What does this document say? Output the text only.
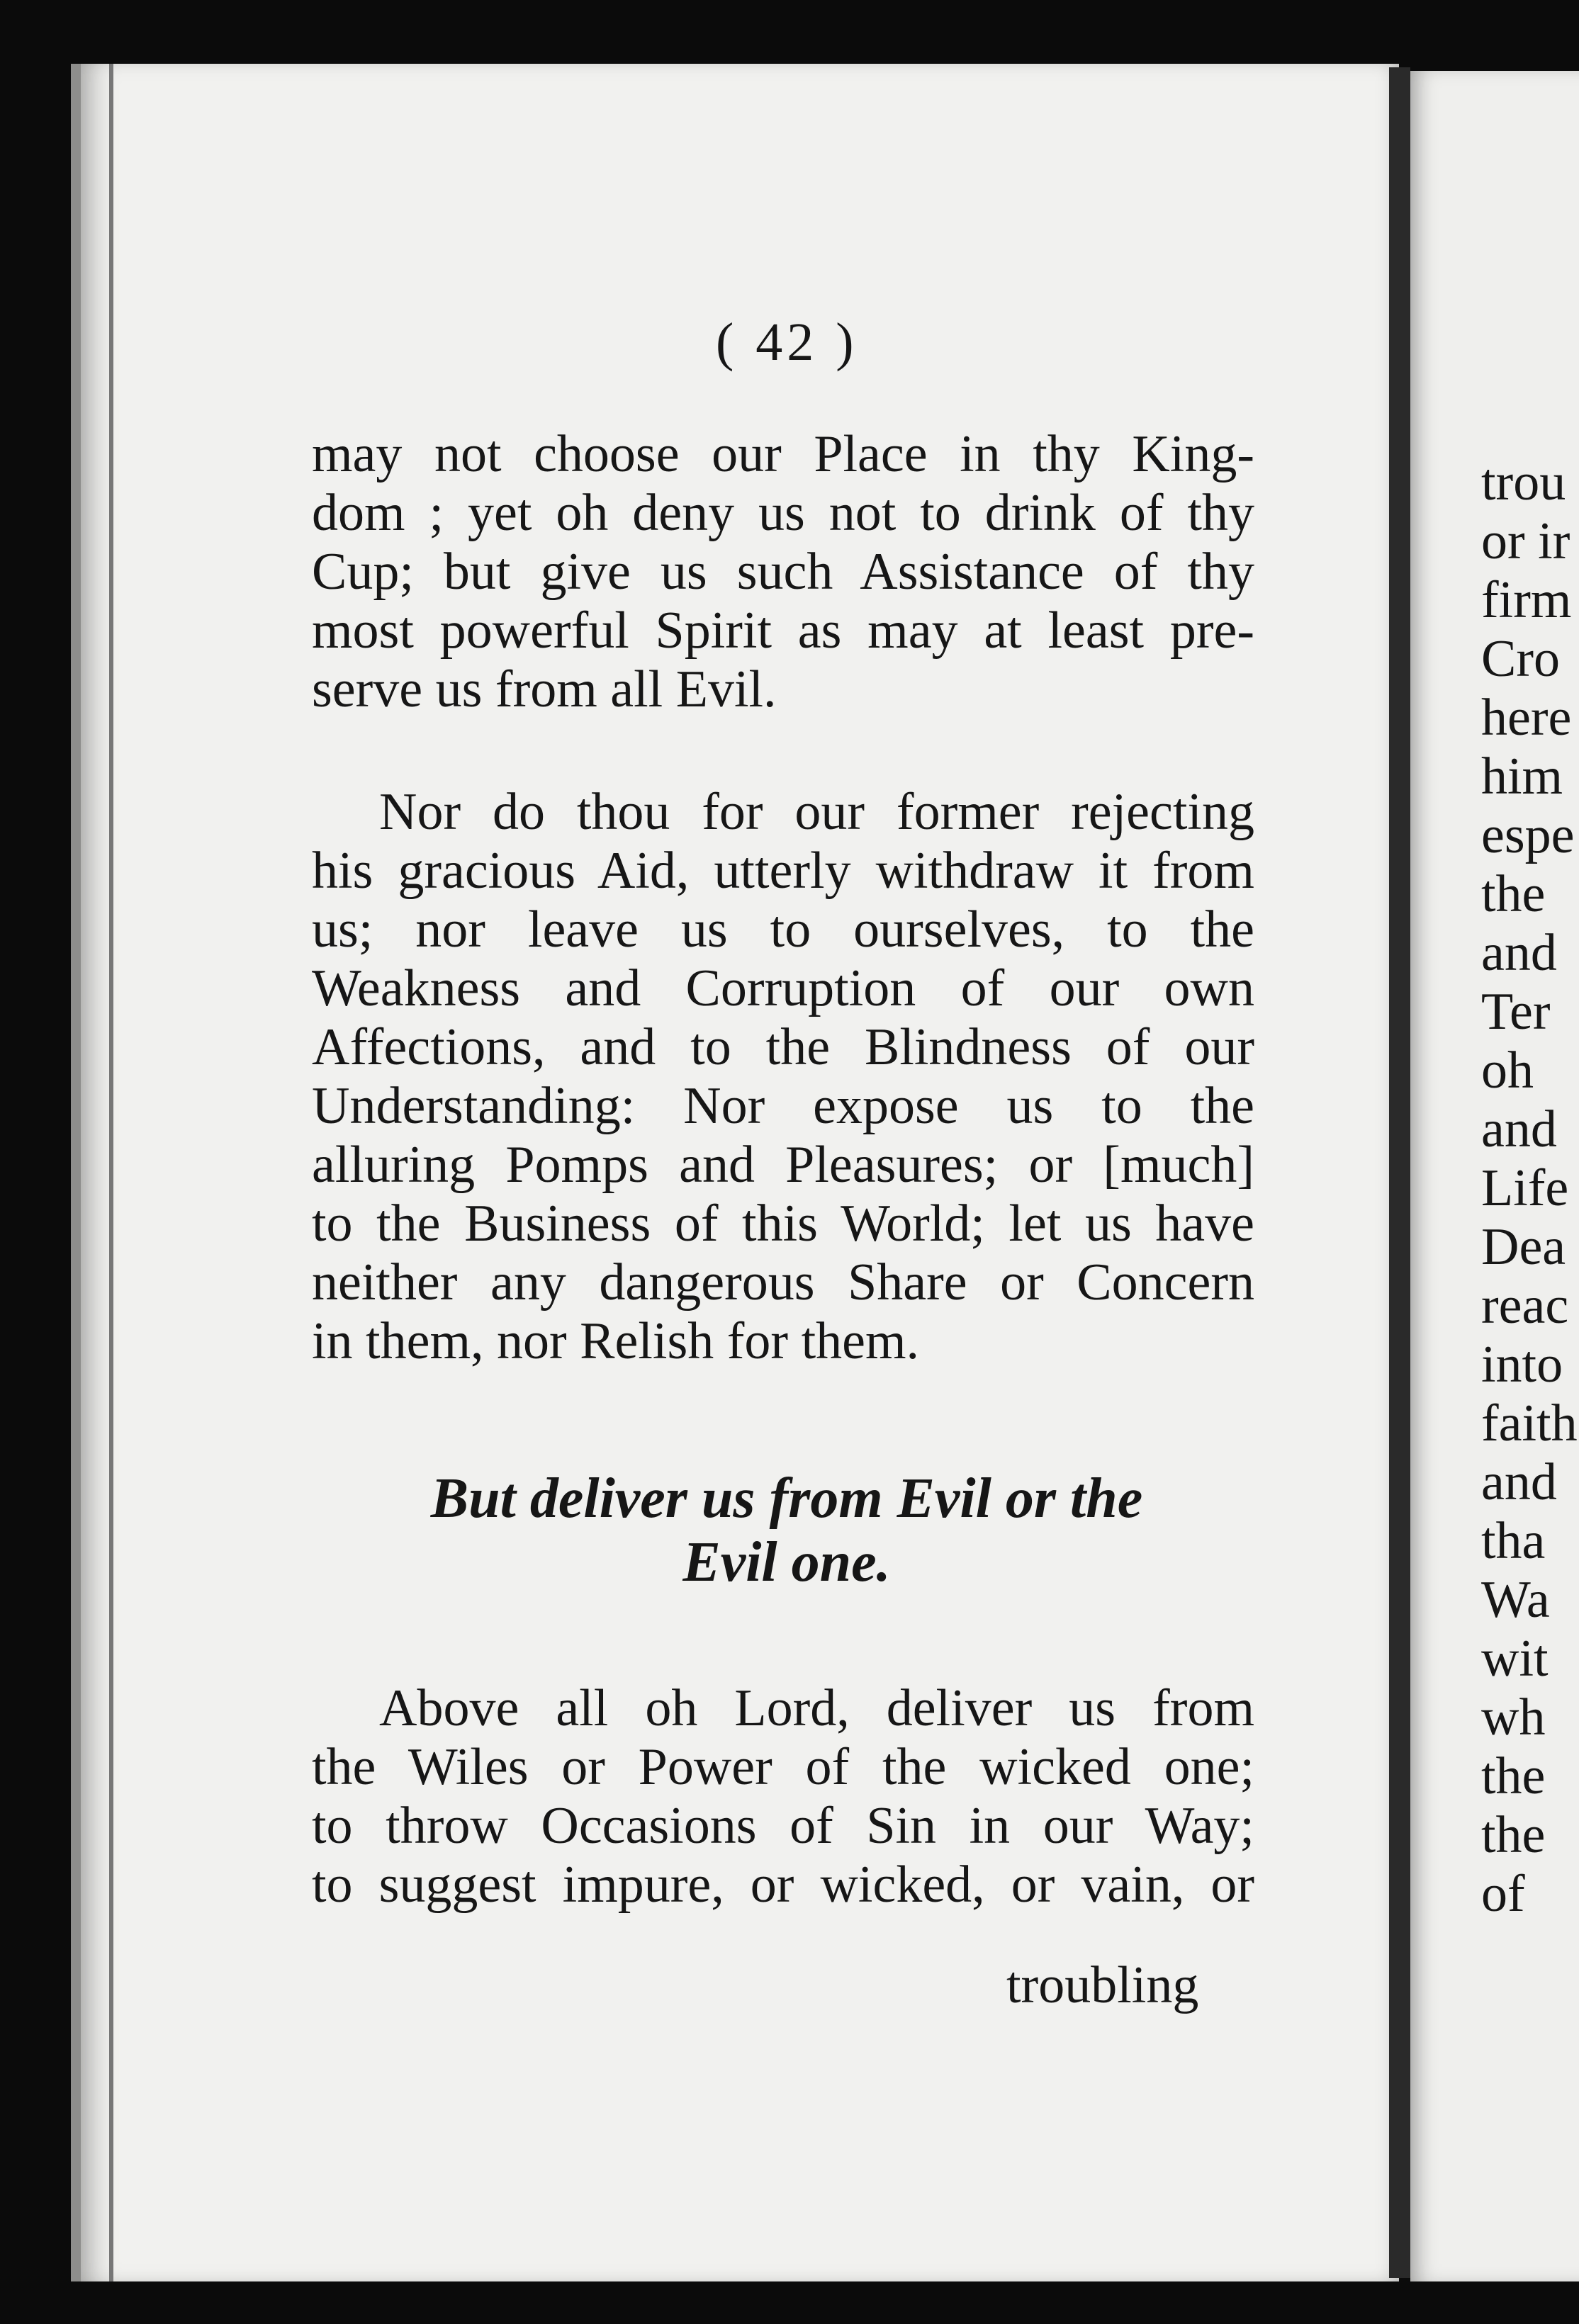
( 42 )
may not choose our Place in thy King-
dom ; yet oh deny us not to drink of thy
Cup; but give us such Assistance of thy
most powerful Spirit as may at least pre-
serve us from all Evil.
Nor do thou for our former rejecting
his gracious Aid, utterly withdraw it from
us; nor leave us to ourselves, to the
Weakness and Corruption of our own
Affections, and to the Blindness of our
Understanding: Nor expose us to the
alluring Pomps and Pleasures; or [much]
to the Business of this World; let us have
neither any dangerous Share or Concern
in them, nor Relish for them.
But deliver us from Evil or the
Evil one.
Above all oh Lord, deliver us from
the Wiles or Power of the wicked one;
to throw Occasions of Sin in our Way;
to suggest impure, or wicked, or vain, or
troubling
trou
or ir
firm
Cro
here
him
espe
the
and
Ter
oh
and
Life
Dea
reac
into
faith
and
tha
Wa
wit
wh
the
the
of
